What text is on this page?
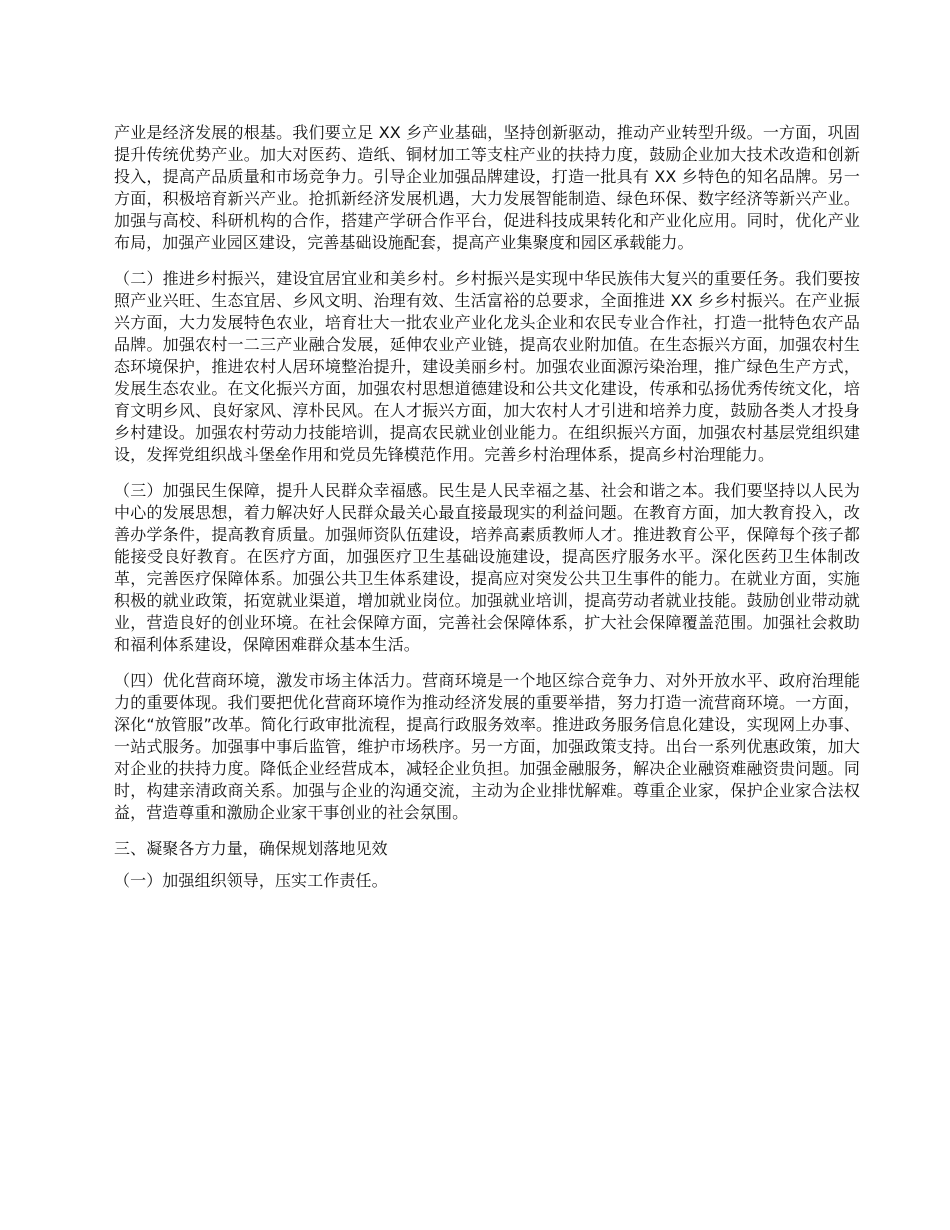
产业是经济发展的根基。我们要立足 XX 乡产业基础，坚持创新驱动，推动产业转型升级。一方面，巩固提升传统优势产业。加大对医药、造纸、铜材加工等支柱产业的扶持力度，鼓励企业加大技术改造和创新投入，提高产品质量和市场竞争力。引导企业加强品牌建设，打造一批具有 XX 乡特色的知名品牌。另一方面，积极培育新兴产业。抢抓新经济发展机遇，大力发展智能制造、绿色环保、数字经济等新兴产业。加强与高校、科研机构的合作，搭建产学研合作平台，促进科技成果转化和产业化应用。同时，优化产业布局，加强产业园区建设，完善基础设施配套，提高产业集聚度和园区承载能力。

（二）推进乡村振兴，建设宜居宜业和美乡村。乡村振兴是实现中华民族伟大复兴的重要任务。我们要按照产业兴旺、生态宜居、乡风文明、治理有效、生活富裕的总要求，全面推进 XX 乡乡村振兴。在产业振兴方面，大力发展特色农业，培育壮大一批农业产业化龙头企业和农民专业合作社，打造一批特色农产品品牌。加强农村一二三产业融合发展，延伸农业产业链，提高农业附加值。在生态振兴方面，加强农村生态环境保护，推进农村人居环境整治提升，建设美丽乡村。加强农业面源污染治理，推广绿色生产方式，发展生态农业。在文化振兴方面，加强农村思想道德建设和公共文化建设，传承和弘扬优秀传统文化，培育文明乡风、良好家风、淳朴民风。在人才振兴方面，加大农村人才引进和培养力度，鼓励各类人才投身乡村建设。加强农村劳动力技能培训，提高农民就业创业能力。在组织振兴方面，加强农村基层党组织建设，发挥党组织战斗堡垒作用和党员先锋模范作用。完善乡村治理体系，提高乡村治理能力。

（三）加强民生保障，提升人民群众幸福感。民生是人民幸福之基、社会和谐之本。我们要坚持以人民为中心的发展思想，着力解决好人民群众最关心最直接最现实的利益问题。在教育方面，加大教育投入，改善办学条件，提高教育质量。加强师资队伍建设，培养高素质教师人才。推进教育公平，保障每个孩子都能接受良好教育。在医疗方面，加强医疗卫生基础设施建设，提高医疗服务水平。深化医药卫生体制改革，完善医疗保障体系。加强公共卫生体系建设，提高应对突发公共卫生事件的能力。在就业方面，实施积极的就业政策，拓宽就业渠道，增加就业岗位。加强就业培训，提高劳动者就业技能。鼓励创业带动就业，营造良好的创业环境。在社会保障方面，完善社会保障体系，扩大社会保障覆盖范围。加强社会救助和福利体系建设，保障困难群众基本生活。

（四）优化营商环境，激发市场主体活力。营商环境是一个地区综合竞争力、对外开放水平、政府治理能力的重要体现。我们要把优化营商环境作为推动经济发展的重要举措，努力打造一流营商环境。一方面，深化“放管服”改革。简化行政审批流程，提高行政服务效率。推进政务服务信息化建设，实现网上办事、一站式服务。加强事中事后监管，维护市场秩序。另一方面，加强政策支持。出台一系列优惠政策，加大对企业的扶持力度。降低企业经营成本，减轻企业负担。加强金融服务，解决企业融资难融资贵问题。同时，构建亲清政商关系。加强与企业的沟通交流，主动为企业排忧解难。尊重企业家，保护企业家合法权益，营造尊重和激励企业家干事创业的社会氛围。

三、凝聚各方力量，确保规划落地见效

（一）加强组织领导，压实工作责任。
